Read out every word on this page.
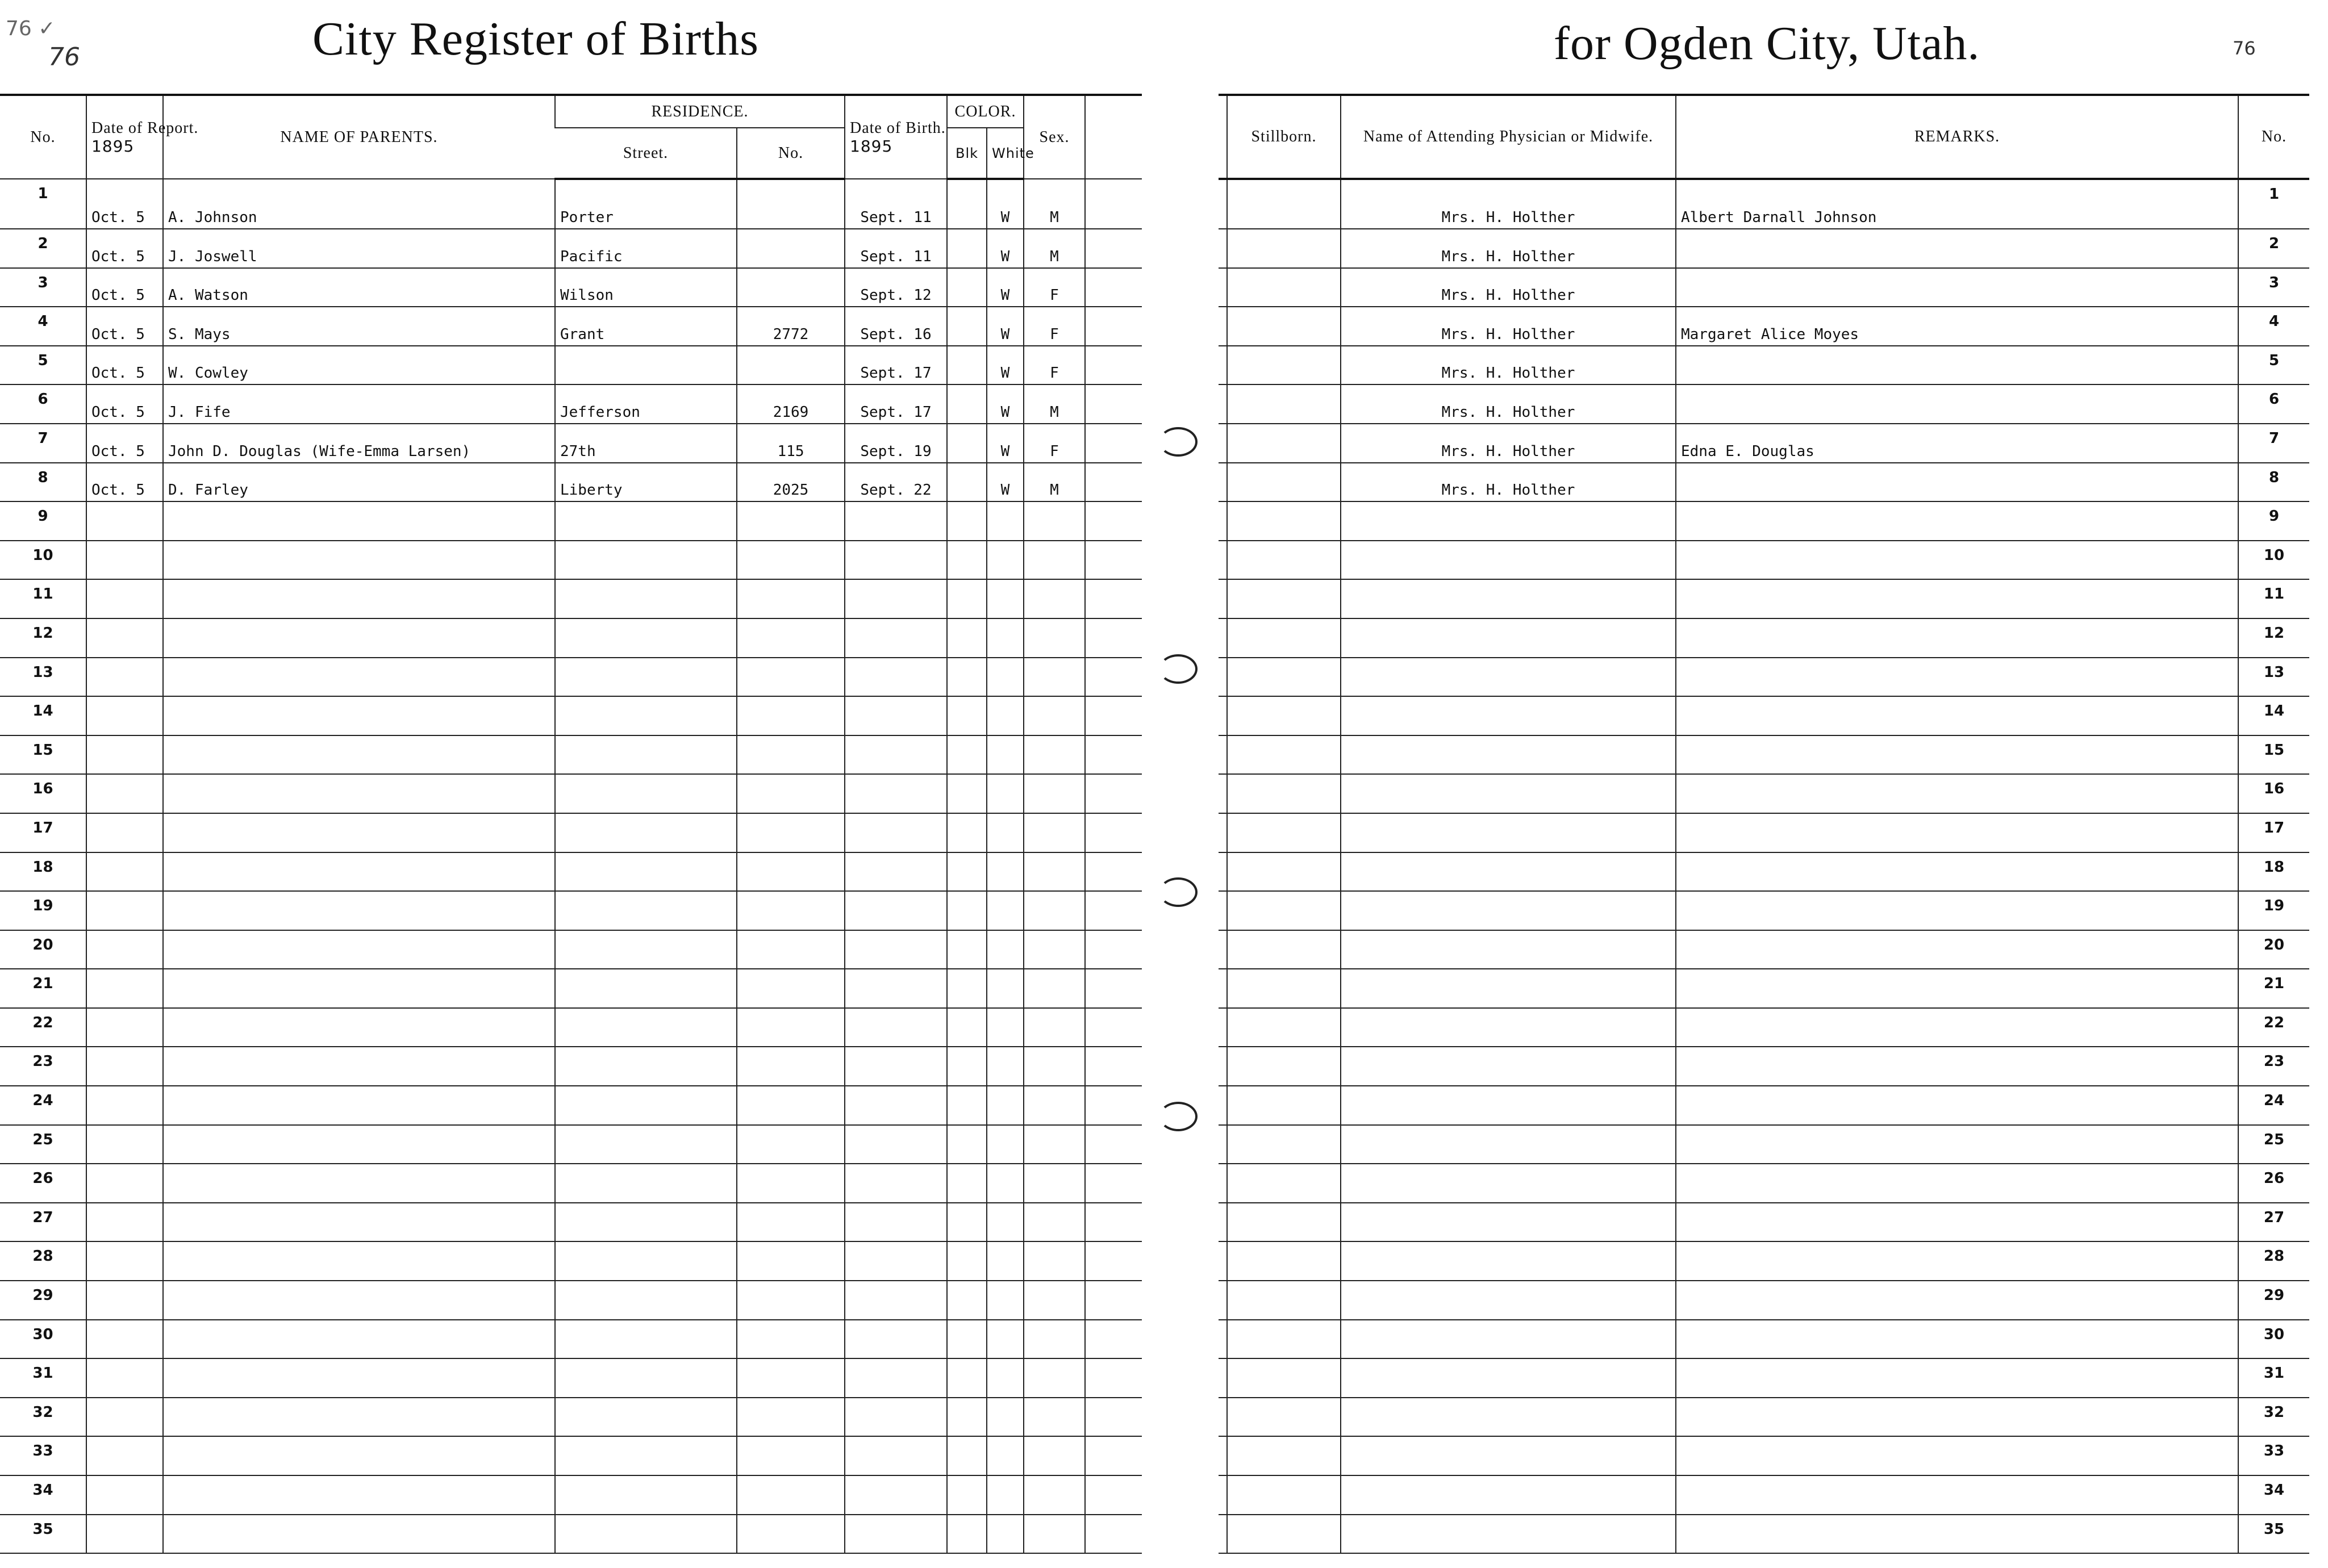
76 ✓
76	City Register of Births	for Ogden City, Utah.	76
No.	Date of Report.
1895	NAME OF PARENTS.	RESIDENCE.		Date of Birth.
1895	COLOR.		Sex.	
			Street.	No.		Blk	White		
1	Oct. 5	A. Johnson	Porter		Sept. 11		W	M	
2	Oct. 5	J. Joswell	Pacific		Sept. 11		W	M	
3	Oct. 5	A. Watson	Wilson		Sept. 12		W	F	
4	Oct. 5	S. Mays	Grant	2772	Sept. 16		W	F	
5	Oct. 5	W. Cowley			Sept. 17		W	F	
6	Oct. 5	J. Fife	Jefferson	2169	Sept. 17		W	M	
7	Oct. 5	John D. Douglas (Wife-Emma Larsen)	27th	115	Sept. 19		W	F	
8	Oct. 5	D. Farley	Liberty	2025	Sept. 22		W	M	
9									
10									
11									
12									
13									
14									
15									
16									
17									
18									
19									
20									
21									
22									
23									
24									
25									
26									
27									
28									
29									
30									
31									
32									
33									
34									
35									
	Stillborn.	Name of Attending Physician or Midwife.	REMARKS.	No.
		Mrs. H. Holther	Albert Darnall Johnson	1
		Mrs. H. Holther		2
		Mrs. H. Holther		3
		Mrs. H. Holther	Margaret Alice Moyes	4
		Mrs. H. Holther		5
		Mrs. H. Holther		6
		Mrs. H. Holther	Edna E. Douglas	7
		Mrs. H. Holther		8
				9
				10
				11
				12
				13
				14
				15
				16
				17
				18
				19
				20
				21
				22
				23
				24
				25
				26
				27
				28
				29
				30
				31
				32
				33
				34
				35
